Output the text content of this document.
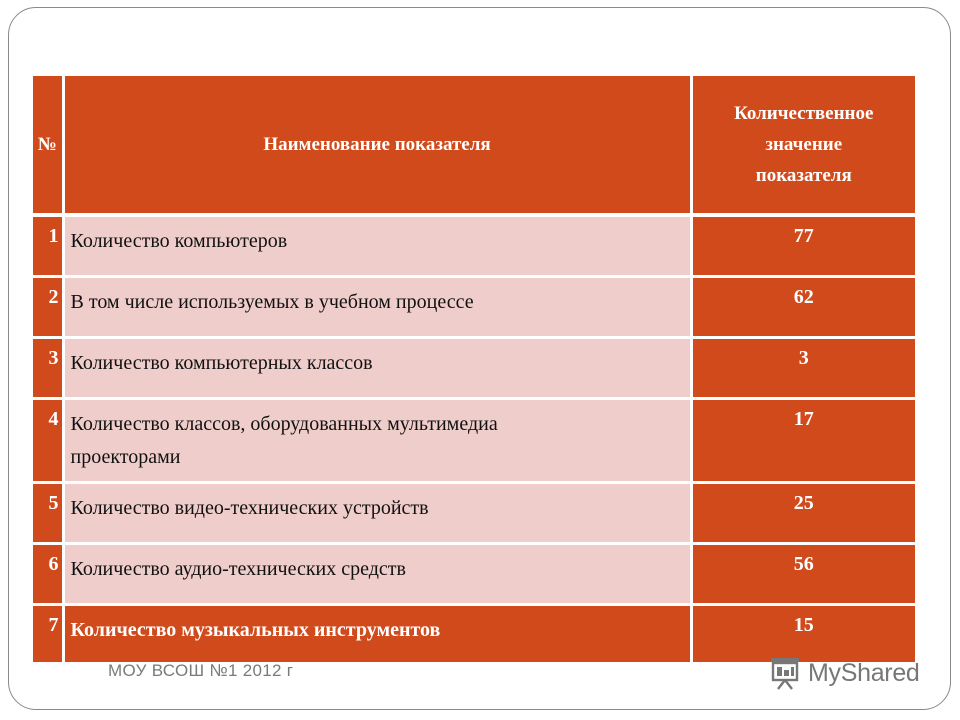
№	Наименование показателя	Количественное
значение
показателя

1	Количество компьютеров	77
2	В том числе используемых в учебном процессе	62
3	Количество компьютерных классов	3
4	Количество классов, оборудованных мультимедиа
проекторами	17
5	Количество видео-технических устройств	25
6	Количество аудио-технических средств	56
7	Количество музыкальных инструментов	15
МОУ ВСОШ №1 2012 г	MyShared
